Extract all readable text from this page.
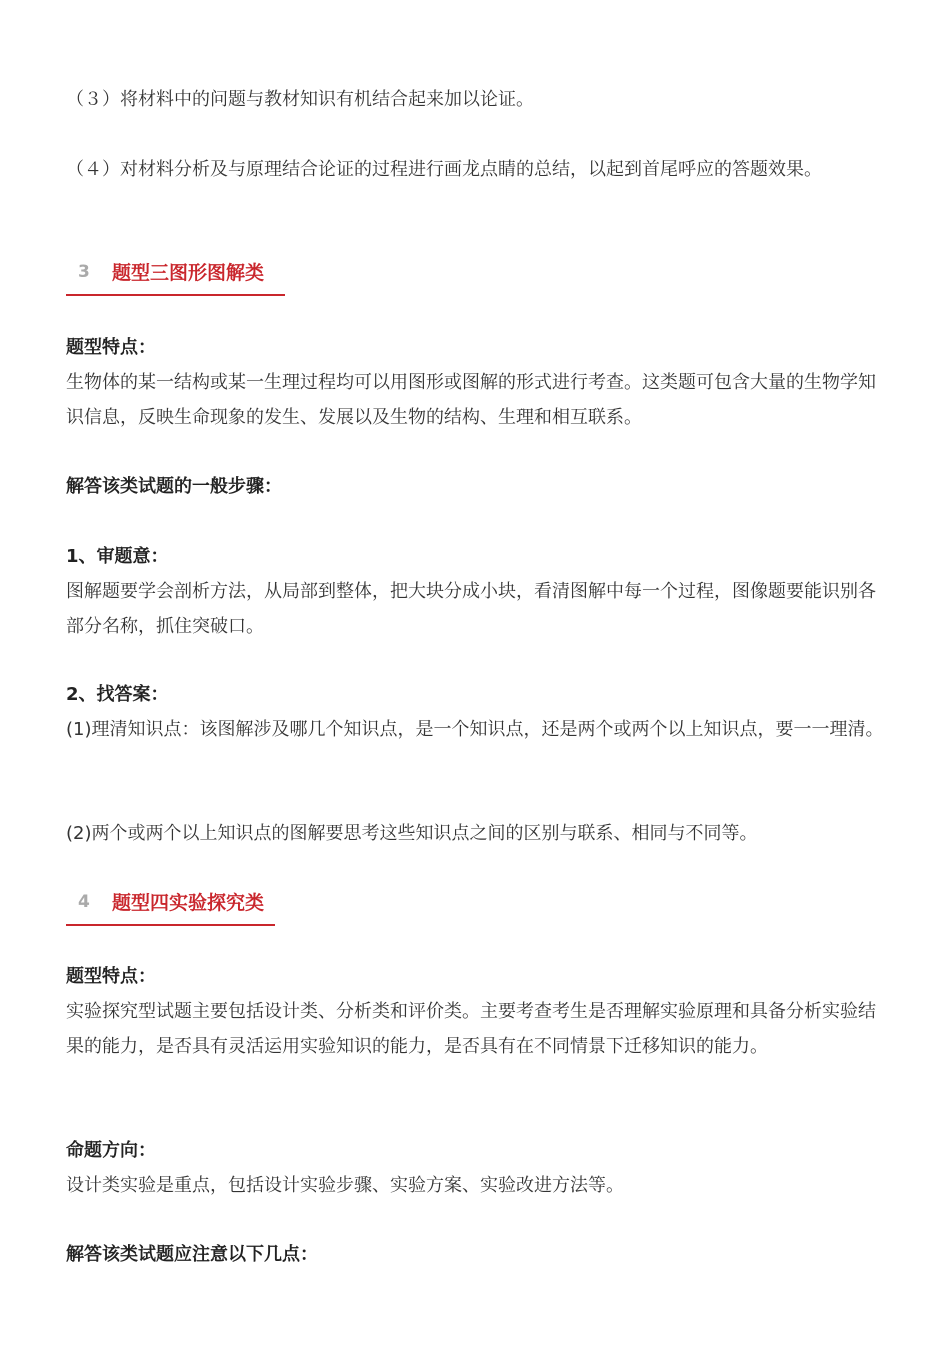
（３）将材料中的问题与教材知识有机结合起来加以论证。

（４）对材料分析及与原理结合论证的过程进行画龙点睛的总结，以起到首尾呼应的答题效果。

3 题型三图形图解类

题型特点：

生物体的某一结构或某一生理过程均可以用图形或图解的形式进行考查。这类题可包含大量的生物学知识信息，反映生命现象的发生、发展以及生物的结构、生理和相互联系。

解答该类试题的一般步骤：

1、审题意：

图解题要学会剖析方法，从局部到整体，把大块分成小块，看清图解中每一个过程，图像题要能识别各部分名称，抓住突破口。

2、找答案：

(1)理清知识点：该图解涉及哪几个知识点，是一个知识点，还是两个或两个以上知识点，要一一理清。

(2)两个或两个以上知识点的图解要思考这些知识点之间的区别与联系、相同与不同等。

4 题型四实验探究类

题型特点：

实验探究型试题主要包括设计类、分析类和评价类。主要考查考生是否理解实验原理和具备分析实验结果的能力，是否具有灵活运用实验知识的能力，是否具有在不同情景下迁移知识的能力。

命题方向：

设计类实验是重点，包括设计实验步骤、实验方案、实验改进方法等。

解答该类试题应注意以下几点：
